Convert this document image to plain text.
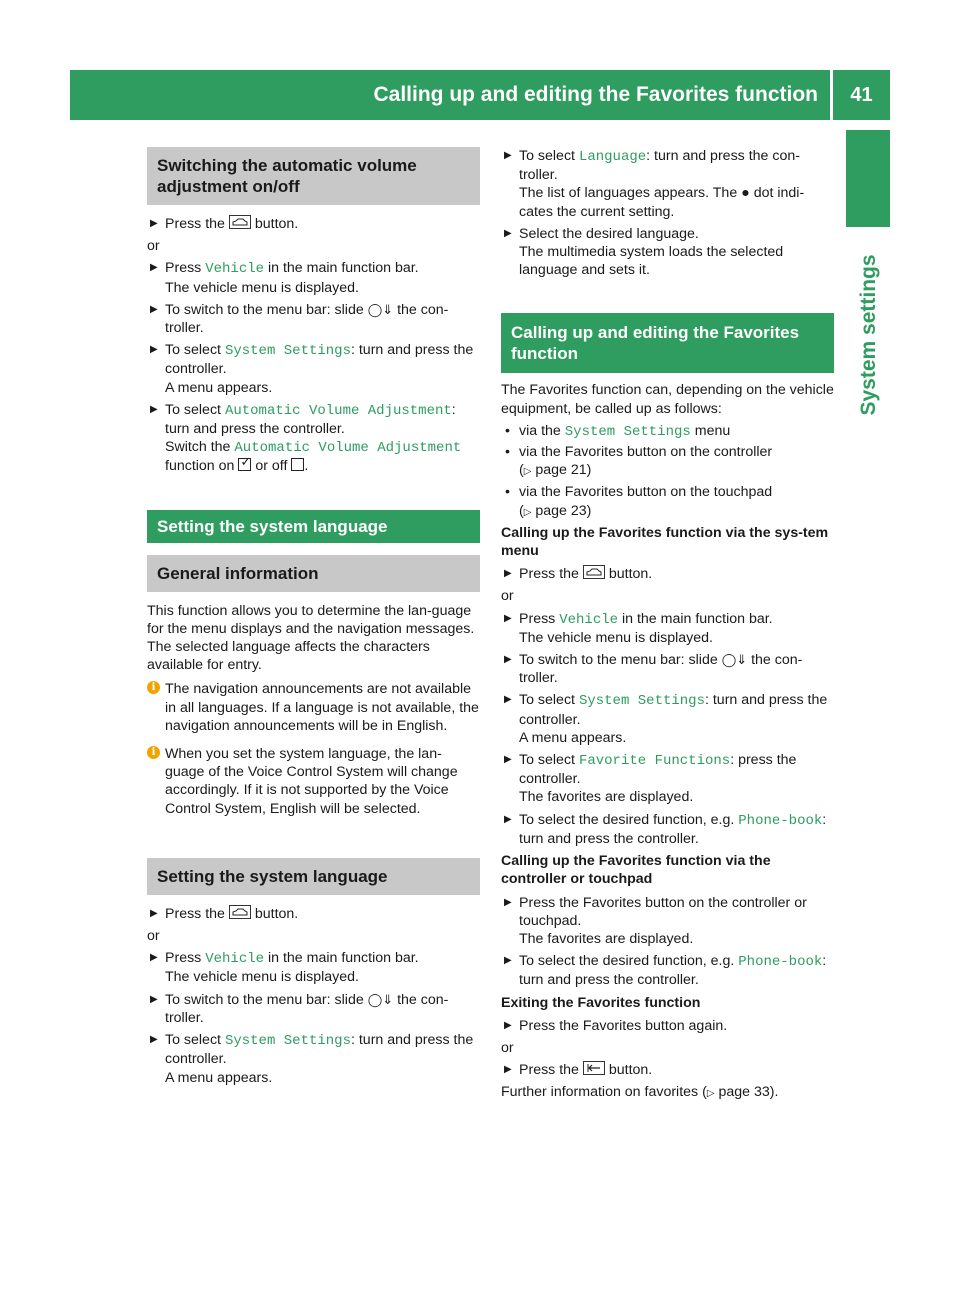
Calling up and editing the Favorites function	41
System settings
Switching the automatic volume adjustment on/off
▶ Press the button.
or
▶ Press Vehicle in the main function bar.
The vehicle menu is displayed.
▶ To switch to the menu bar: slide ◯⇓ the con-troller.
▶ To select System Settings: turn and press the controller.
A menu appears.
▶ To select Automatic Volume Adjustment:
turn and press the controller.
Switch the Automatic Volume Adjustment
function on ✓ or off .
Setting the system language
General information

This function allows you to determine the lan-guage for the menu displays and the navigation messages. The selected language affects the characters available for entry.

i The navigation announcements are not available in all languages. If a language is not available, the navigation announcements will be in English.
i When you set the system language, the lan-guage of the Voice Control System will change accordingly. If it is not supported by the Voice Control System, English will be selected.
Setting the system language
▶ Press the button.
or
▶ Press Vehicle in the main function bar.
The vehicle menu is displayed.
▶ To switch to the menu bar: slide ◯⇓ the con-troller.
▶ To select System Settings: turn and press the controller.
A menu appears.
▶ To select Language: turn and press the con-troller.
The list of languages appears. The ● dot indi-cates the current setting.
▶ Select the desired language.
The multimedia system loads the selected language and sets it.
Calling up and editing the Favorites function

The Favorites function can, depending on the vehicle equipment, be called up as follows:

• via the System Settings menu
• via the Favorites button on the controller
(▷ page 21)
• via the Favorites button on the touchpad
(▷ page 23)
Calling up the Favorites function via the sys-tem menu
▶ Press the button.
or
▶ Press Vehicle in the main function bar.
The vehicle menu is displayed.
▶ To switch to the menu bar: slide ◯⇓ the con-troller.
▶ To select System Settings: turn and press the controller.
A menu appears.
▶ To select Favorite Functions: press the controller.
The favorites are displayed.
▶ To select the desired function, e.g. Phone‐book: turn and press the controller.
Calling up the Favorites function via the controller or touchpad
▶ Press the Favorites button on the controller or touchpad.
The favorites are displayed.
▶ To select the desired function, e.g. Phone‐book: turn and press the controller.
Exiting the Favorites function
▶ Press the Favorites button again.
or
▶ Press the button.

Further information on favorites (▷ page 33).
